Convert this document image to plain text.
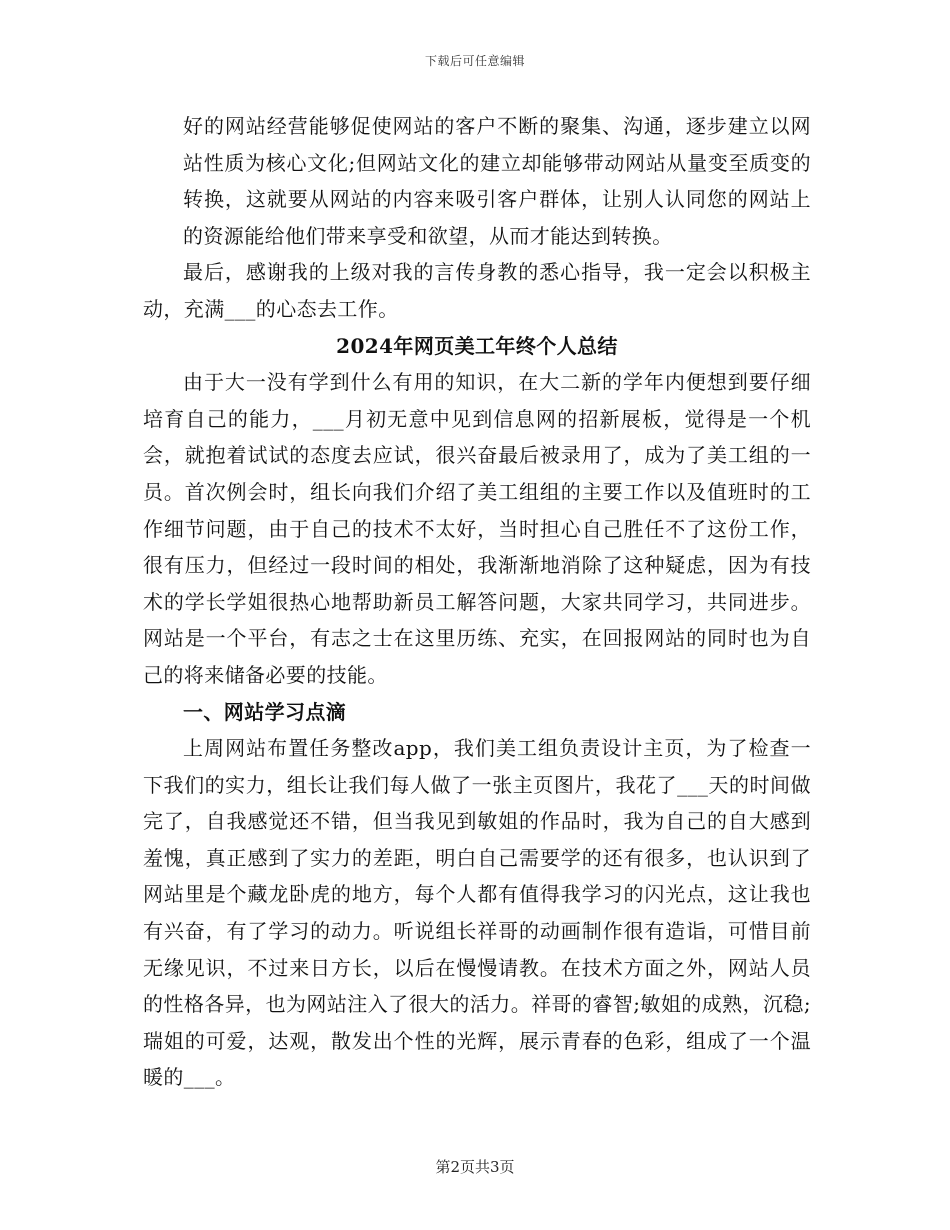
下载后可任意编辑

好的网站经营能够促使网站的客户不断的聚集、沟通，逐步建立以网站性质为核心文化;但网站文化的建立却能够带动网站从量变至质变的转换，这就要从网站的内容来吸引客户群体，让别人认同您的网站上的资源能给他们带来享受和欲望，从而才能达到转换。

最后，感谢我的上级对我的言传身教的悉心指导，我一定会以积极主动，充满___的心态去工作。

2024年网页美工年终个人总结

由于大一没有学到什么有用的知识，在大二新的学年内便想到要仔细培育自己的能力，___月初无意中见到信息网的招新展板，觉得是一个机会，就抱着试试的态度去应试，很兴奋最后被录用了，成为了美工组的一员。首次例会时，组长向我们介绍了美工组组的主要工作以及值班时的工作细节问题，由于自己的技术不太好，当时担心自己胜任不了这份工作，很有压力，但经过一段时间的相处，我渐渐地消除了这种疑虑，因为有技术的学长学姐很热心地帮助新员工解答问题，大家共同学习，共同进步。网站是一个平台，有志之士在这里历练、充实，在回报网站的同时也为自己的将来储备必要的技能。

一、网站学习点滴

上周网站布置任务整改app，我们美工组负责设计主页，为了检查一下我们的实力，组长让我们每人做了一张主页图片，我花了___天的时间做完了，自我感觉还不错，但当我见到敏姐的作品时，我为自己的自大感到羞愧，真正感到了实力的差距，明白自己需要学的还有很多，也认识到了网站里是个藏龙卧虎的地方，每个人都有值得我学习的闪光点，这让我也有兴奋，有了学习的动力。听说组长祥哥的动画制作很有造诣，可惜目前无缘见识，不过来日方长，以后在慢慢请教。在技术方面之外，网站人员的性格各异，也为网站注入了很大的活力。祥哥的睿智;敏姐的成熟，沉稳;瑞姐的可爱，达观，散发出个性的光辉，展示青春的色彩，组成了一个温暖的___。

第2页共3页
